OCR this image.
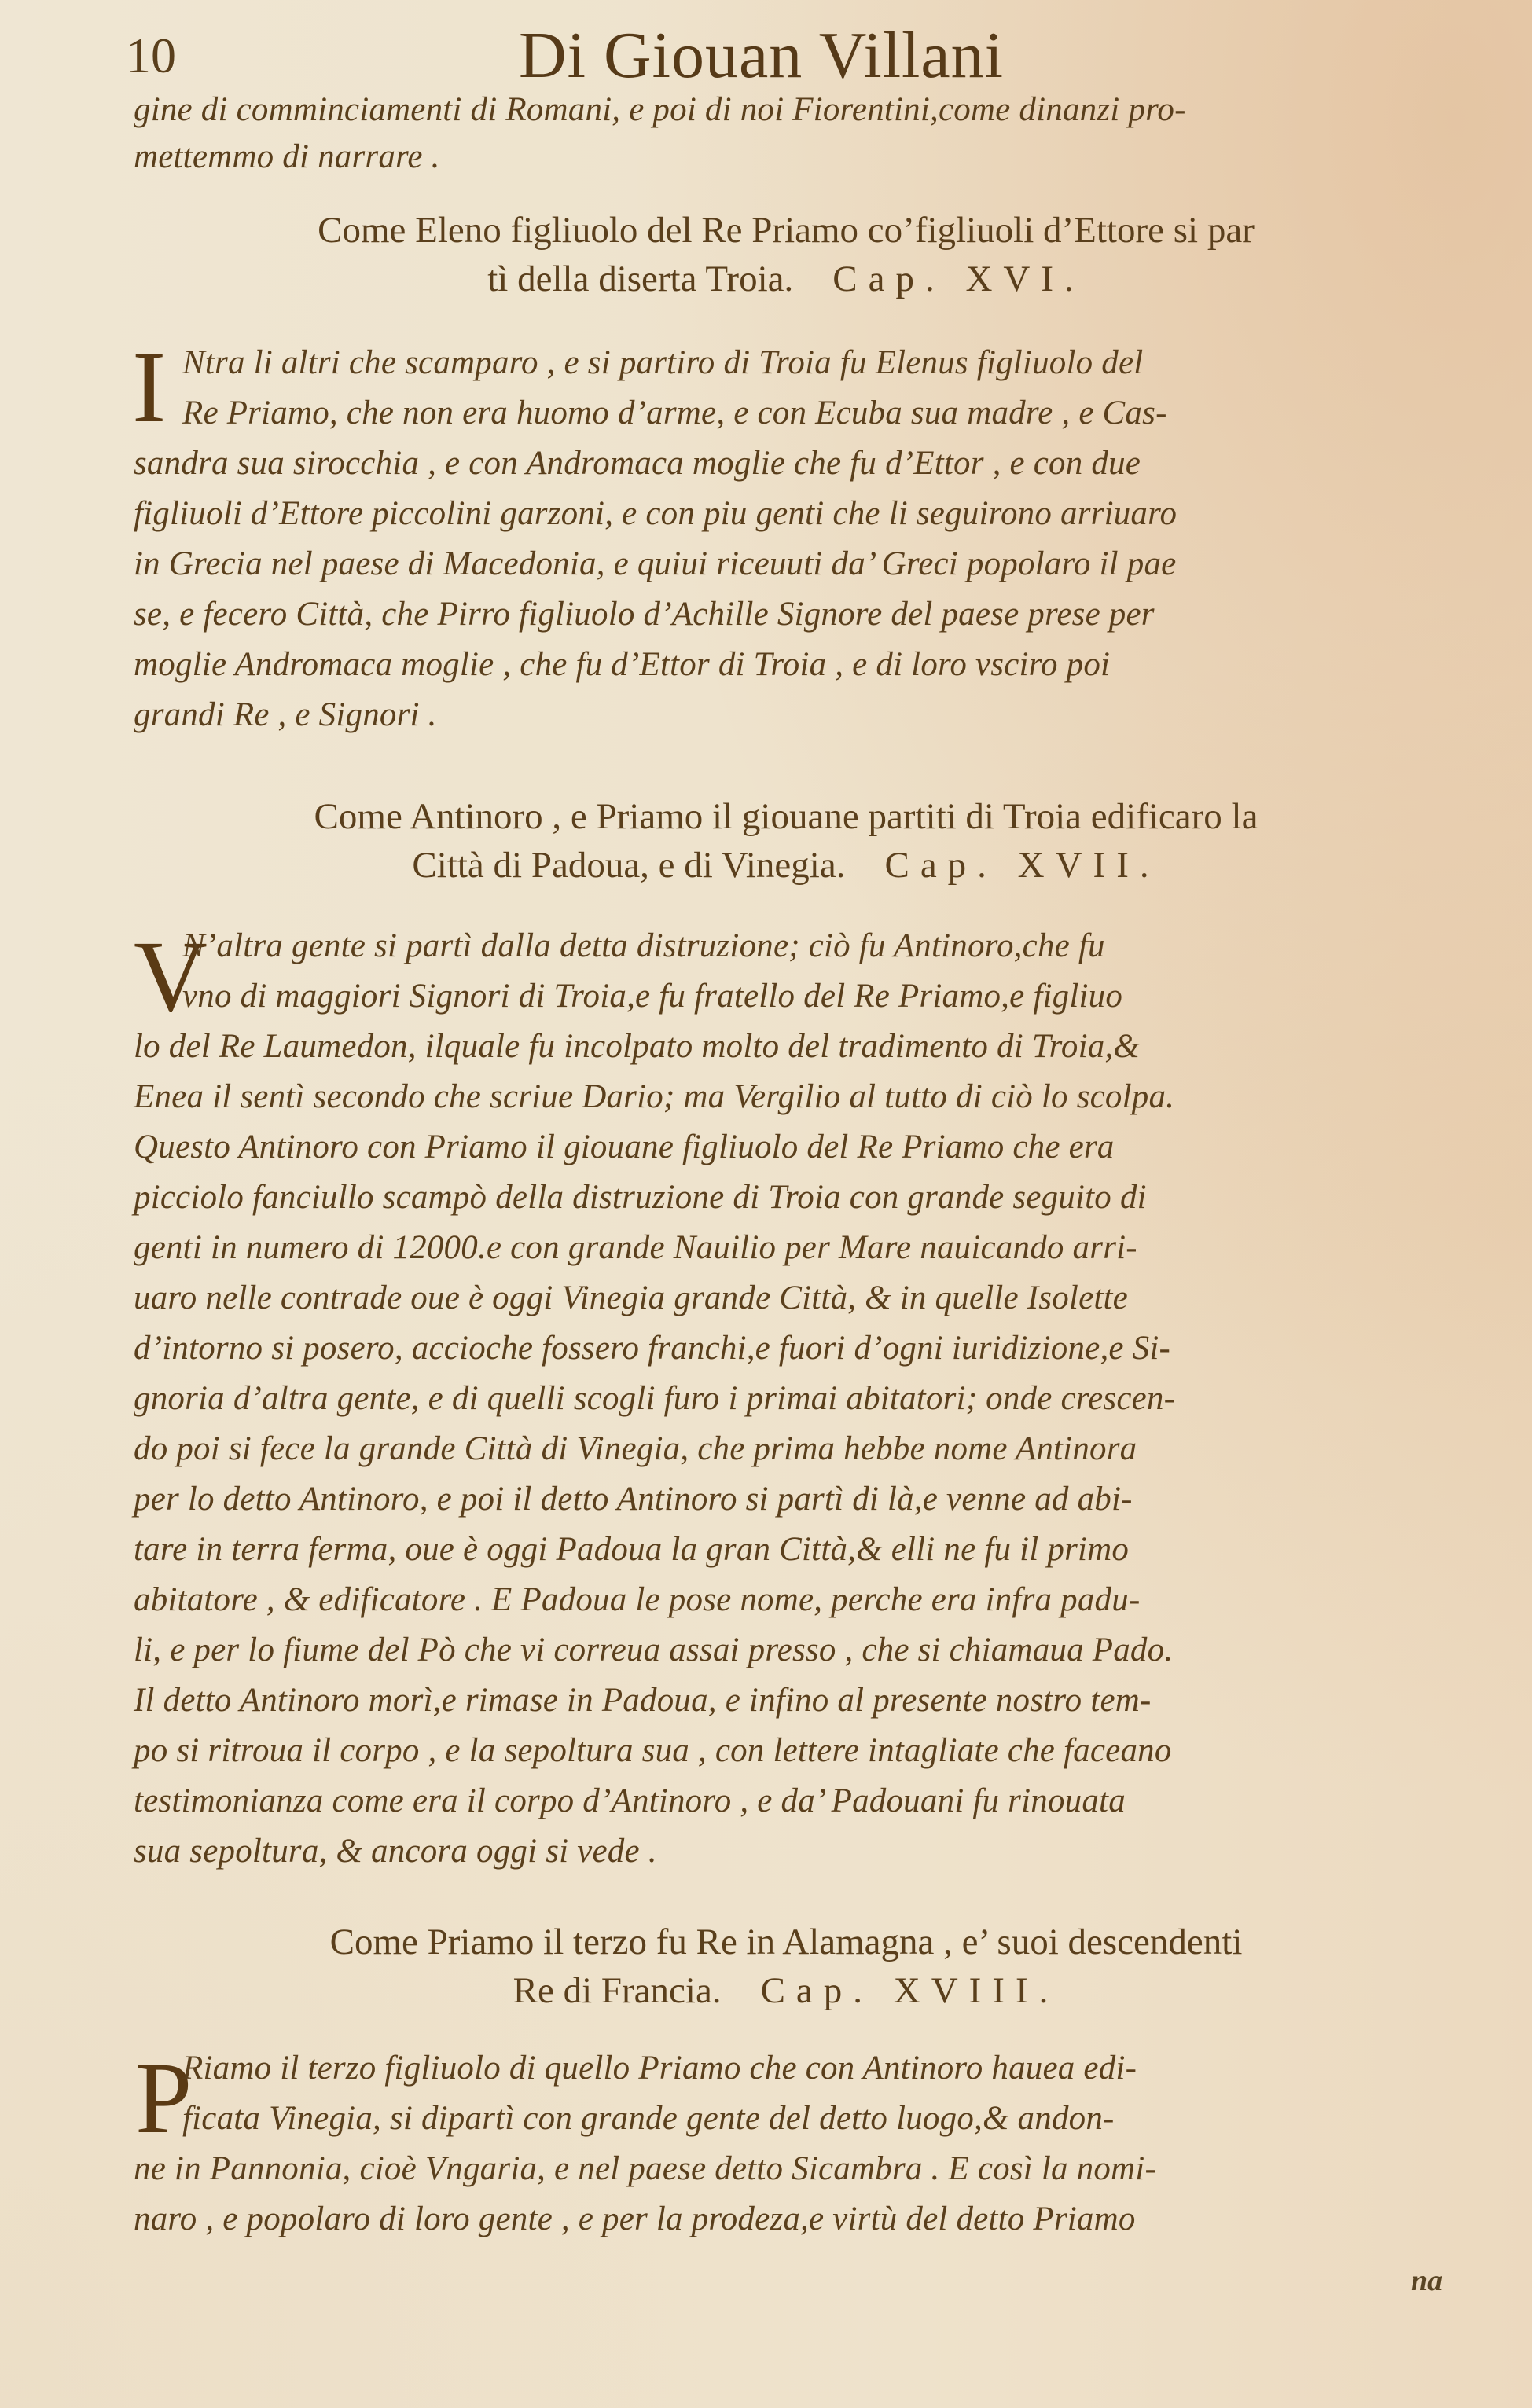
10	Di Giouan Villani
gine di comminciamenti di Romani, e poi di noi Fiorentini,come dinanzi pro-
mettemmo di narrare .
Come Eleno figliuolo del Re Priamo co’figliuoli d’Ettore si par
tì della diserta Troia. Cap. XVI.
I Ntra li altri che scamparo , e si partiro di Troia fu Elenus figliuolo del
Re Priamo, che non era huomo d’arme, e con Ecuba sua madre , e Cas-
sandra sua sirocchia , e con Andromaca moglie che fu d’Ettor , e con due
figliuoli d’Ettore piccolini garzoni, e con piu genti che li seguirono arriuaro
in Grecia nel paese di Macedonia, e quiui riceuuti da’ Greci popolaro il pae
se, e fecero Città, che Pirro figliuolo d’Achille Signore del paese prese per
moglie Andromaca moglie , che fu d’Ettor di Troia , e di loro vsciro poi
grandi Re , e Signori .
Come Antinoro , e Priamo il giouane partiti di Troia edificaro la
Città di Padoua, e di Vinegia. Cap. XVII.
V
N’altra gente si partì dalla detta distruzione; ciò fu Antinoro,che fu
vno di maggiori Signori di Troia,e fu fratello del Re Priamo,e figliuo
lo del Re Laumedon, ilquale fu incolpato molto del tradimento di Troia,&
Enea il sentì secondo che scriue Dario; ma Vergilio al tutto di ciò lo scolpa.
Questo Antinoro con Priamo il giouane figliuolo del Re Priamo che era
picciolo fanciullo scampò della distruzione di Troia con grande seguito di
genti in numero di 12000.e con grande Nauilio per Mare nauicando arri-
uaro nelle contrade oue è oggi Vinegia grande Città, & in quelle Isolette
d’intorno si posero, accioche fossero franchi,e fuori d’ogni iuridizione,e Si-
gnoria d’altra gente, e di quelli scogli furo i primai abitatori; onde crescen-
do poi si fece la grande Città di Vinegia, che prima hebbe nome Antinora
per lo detto Antinoro, e poi il detto Antinoro si partì di là,e venne ad abi-
tare in terra ferma, oue è oggi Padoua la gran Città,& elli ne fu il primo
abitatore , & edificatore . E Padoua le pose nome, perche era infra padu-
li, e per lo fiume del Pò che vi correua assai presso , che si chiamaua Pado.
Il detto Antinoro morì,e rimase in Padoua, e infino al presente nostro tem-
po si ritroua il corpo , e la sepoltura sua , con lettere intagliate che faceano
testimonianza come era il corpo d’Antinoro , e da’ Padouani fu rinouata
sua sepoltura, & ancora oggi si vede .
Come Priamo il terzo fu Re in Alamagna , e’ suoi descendenti
Re di Francia. Cap. XVIII.
P
Riamo il terzo figliuolo di quello Priamo che con Antinoro hauea edi-
ficata Vinegia, si dipartì con grande gente del detto luogo,& andon-
ne in Pannonia, cioè Vngaria, e nel paese detto Sicambra . E così la nomi-
naro , e popolaro di loro gente , e per la prodeza,e virtù del detto Priamo
na
